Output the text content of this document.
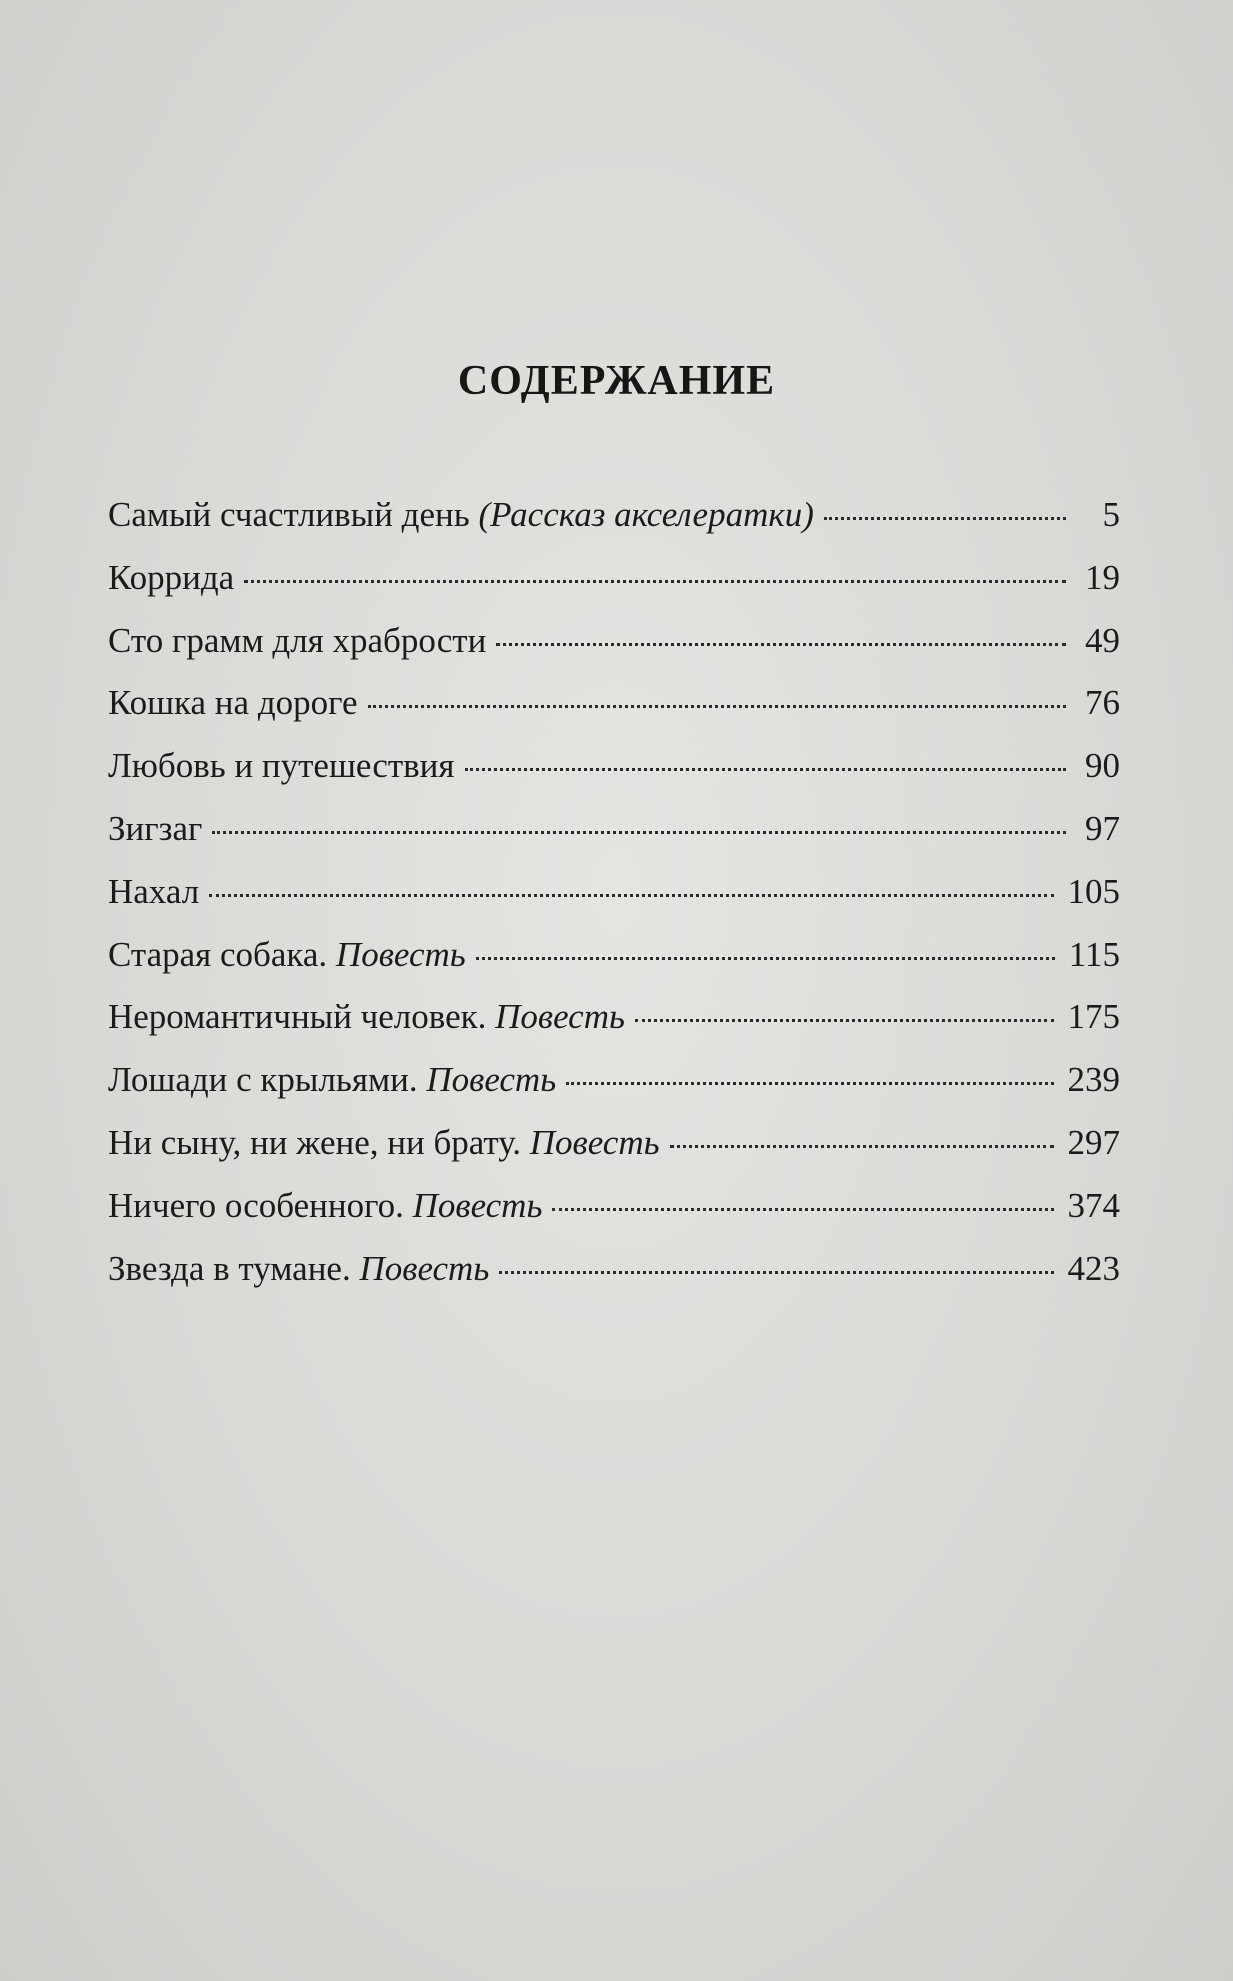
СОДЕРЖАНИЕ
Самый счастливый день (Рассказ акселератки)	5
Коррида	19
Сто грамм для храбрости	49
Кошка на дороге	76
Любовь и путешествия	90
Зигзаг	97
Нахал	105
Старая собака. Повесть	115
Неромантичный человек. Повесть	175
Лошади с крыльями. Повесть	239
Ни сыну, ни жене, ни брату. Повесть	297
Ничего особенного. Повесть	374
Звезда в тумане. Повесть	423
